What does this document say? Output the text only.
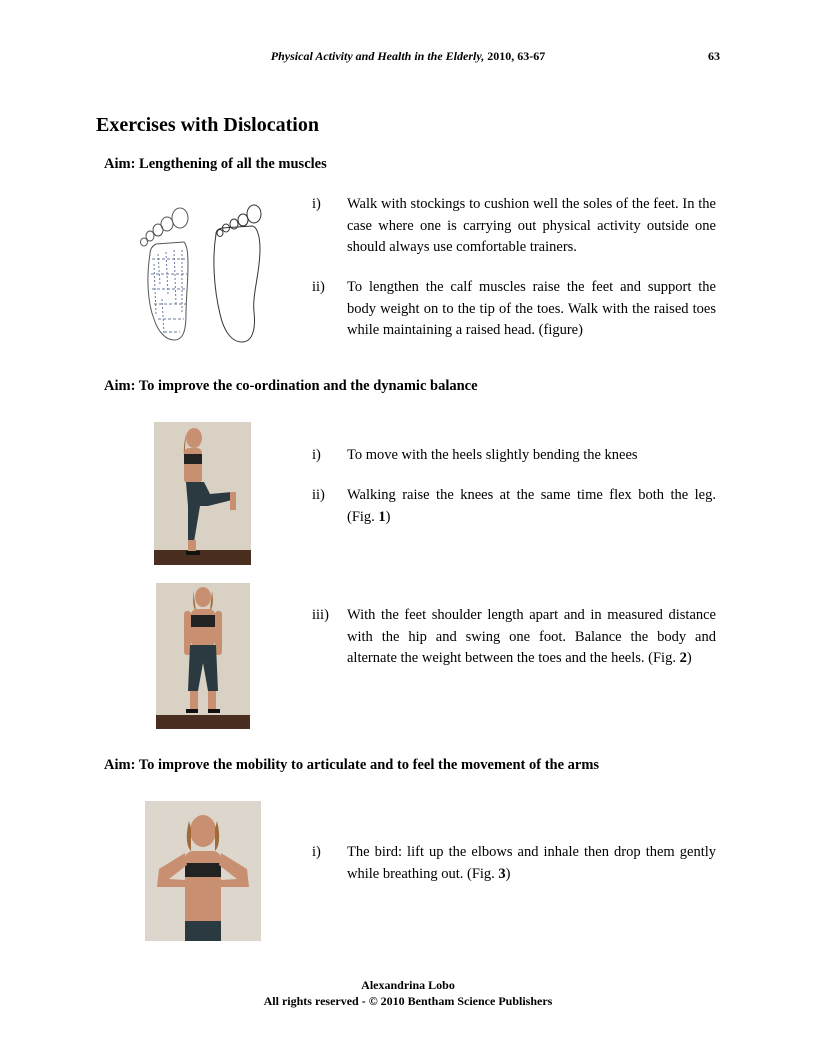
Physical Activity and Health in the Elderly, 2010, 63-67	63
Exercises with Dislocation
Aim: Lengthening of all the muscles
i)	Walk with stockings to cushion well the soles of the feet. In the case where one is carrying out physical activity outside one should always use comfortable trainers.
ii)	To lengthen the calf muscles raise the feet and support the body weight on to the tip of the toes. Walk with the raised toes while maintaining a raised head. (figure)
Aim: To improve the co-ordination and the dynamic balance
i)	To move with the heels slightly bending the knees
ii)	Walking raise the knees at the same time flex both the leg. (Fig. 1)
iii)	With the feet shoulder length apart and in measured distance with the hip and swing one foot. Balance the body and alternate the weight between the toes and the heels. (Fig. 2)
Aim: To improve the mobility to articulate and to feel the movement of the arms
i)	The bird: lift up the elbows and inhale then drop them gently while breathing out. (Fig. 3)
Alexandrina Lobo
All rights reserved - © 2010 Bentham Science Publishers
